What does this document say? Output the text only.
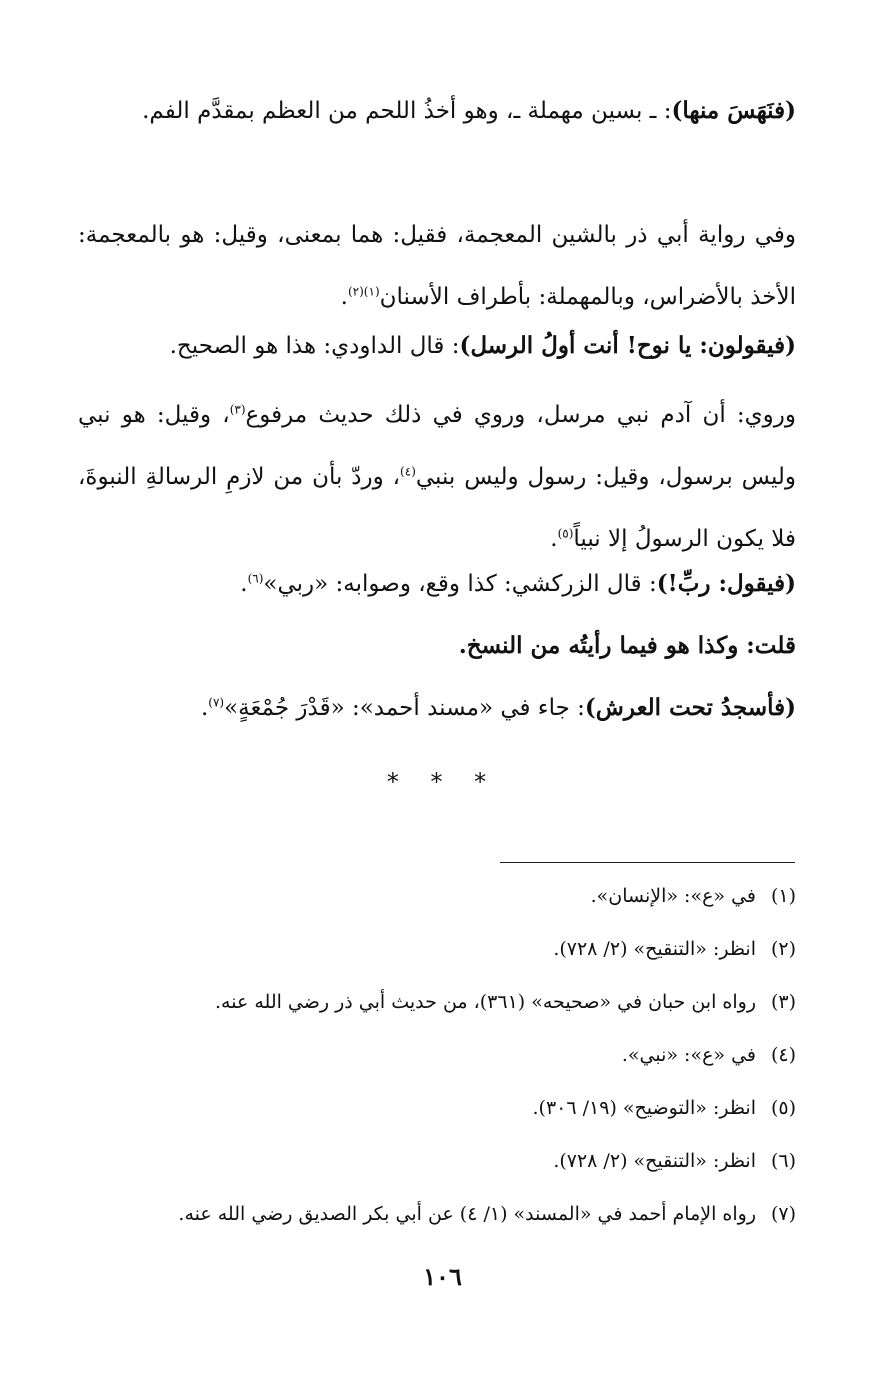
(فنَهَسَ منها): ـ بسين مهملة ـ، وهو أخذُ اللحم من العظم بمقدَّم الفم.
وفي رواية أبي ذر بالشين المعجمة، فقيل: هما بمعنى، وقيل: هو بالمعجمة: الأخذ بالأضراس، وبالمهملة: بأطراف الأسنان$^{(١)(٢)}$.
(فيقولون: يا نوح! أنت أولُ الرسل): قال الداودي: هذا هو الصحيح.
وروي: أن آدم نبي مرسل، وروي في ذلك حديث مرفوع$^{(٣)}$، وقيل: هو نبي وليس برسول، وقيل: رسول وليس بنبي$^{(٤)}$، وردّ بأن من لازمِ الرسالةِ النبوةَ، فلا يكون الرسولُ إلا نبياً$^{(٥)}$.
(فيقول: ربِّ!): قال الزركشي: كذا وقع، وصوابه: «ربي»$^{(٦)}$.
قلت: وكذا هو فيما رأيتُه من النسخ.
(فأسجدُ تحت العرش): جاء في «مسند أحمد»: «قَدْرَ جُمْعَةٍ»$^{(٧)}$.
* * *
(١)في «ع»: «الإنسان».
(٢)انظر: «التنقيح» (٢/ ٧٢٨).
(٣)رواه ابن حبان في «صحيحه» (٣٦١)، من حديث أبي ذر رضي الله عنه.
(٤)في «ع»: «نبي».
(٥)انظر: «التوضيح» (١٩/ ٣٠٦).
(٦)انظر: «التنقيح» (٢/ ٧٢٨).
(٧)رواه الإمام أحمد في «المسند» (١/ ٤) عن أبي بكر الصديق رضي الله عنه.
١٠٦
